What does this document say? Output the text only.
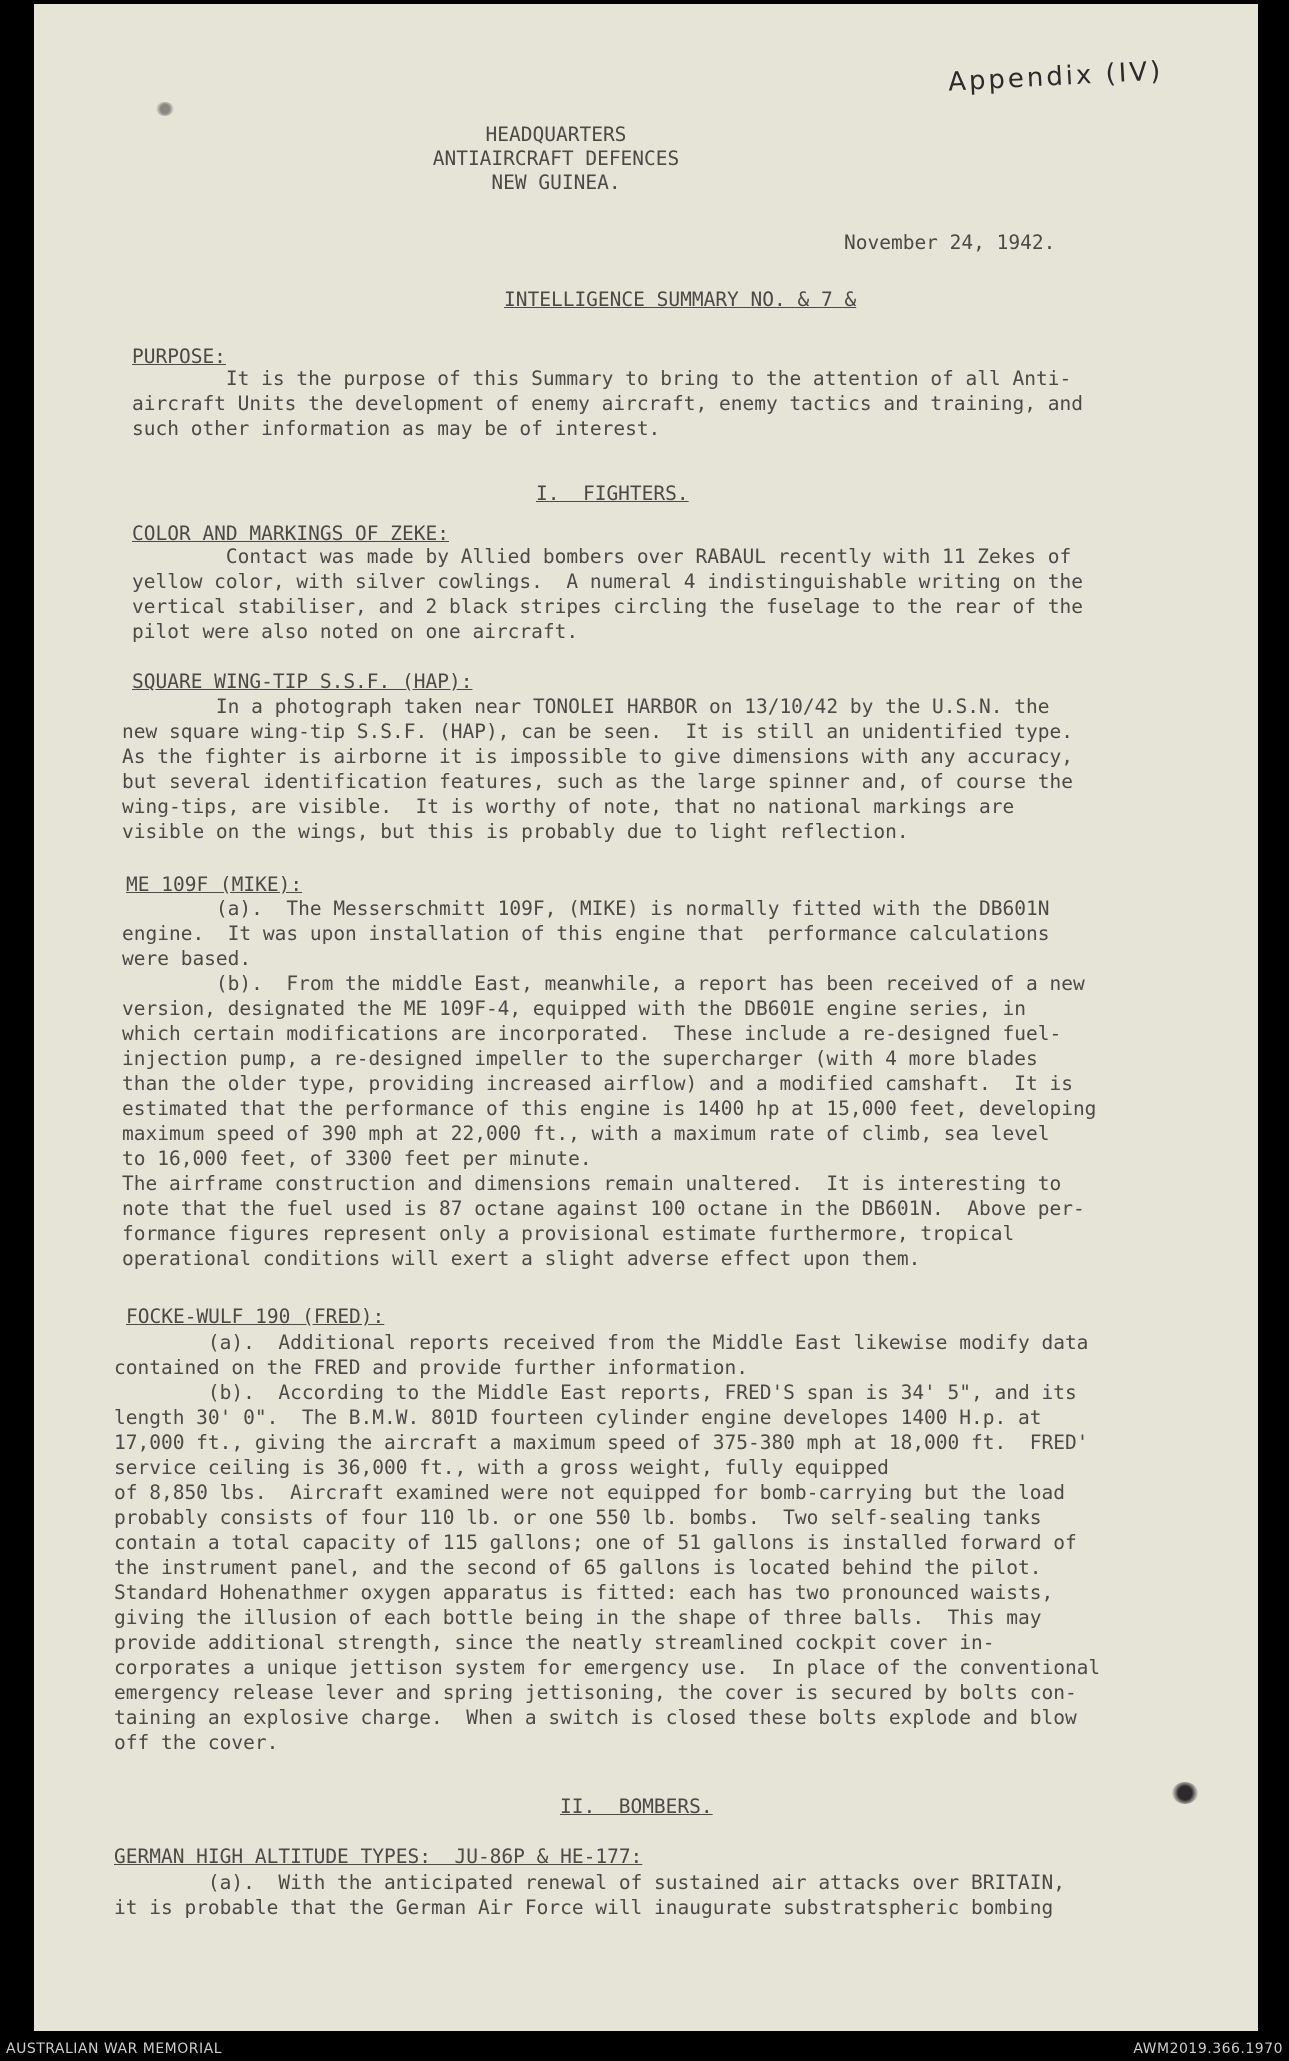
Appendix (IV)
HEADQUARTERS
ANTIAIRCRAFT DEFENCES
NEW GUINEA.
November 24, 1942.
INTELLIGENCE SUMMARY NO. & 7 &
PURPOSE:
It is the purpose of this Summary to bring to the attention of all Anti-
aircraft Units the development of enemy aircraft, enemy tactics and training, and
such other information as may be of interest.
I.  FIGHTERS.
COLOR AND MARKINGS OF ZEKE:
Contact was made by Allied bombers over RABAUL recently with 11 Zekes of
yellow color, with silver cowlings.  A numeral 4 indistinguishable writing on the
vertical stabiliser, and 2 black stripes circling the fuselage to the rear of the
pilot were also noted on one aircraft.
SQUARE WING-TIP S.S.F. (HAP):
In a photograph taken near TONOLEI HARBOR on 13/10/42 by the U.S.N. the
new square wing-tip S.S.F. (HAP), can be seen.  It is still an unidentified type.
As the fighter is airborne it is impossible to give dimensions with any accuracy,
but several identification features, such as the large spinner and, of course the
wing-tips, are visible.  It is worthy of note, that no national markings are
visible on the wings, but this is probably due to light reflection.
ME 109F (MIKE):
(a).  The Messerschmitt 109F, (MIKE) is normally fitted with the DB601N
engine.  It was upon installation of this engine that  performance calculations
were based.
(b).  From the middle East, meanwhile, a report has been received of a new
version, designated the ME 109F-4, equipped with the DB601E engine series, in
which certain modifications are incorporated.  These include a re-designed fuel-
injection pump, a re-designed impeller to the supercharger (with 4 more blades
than the older type, providing increased airflow) and a modified camshaft.  It is
estimated that the performance of this engine is 1400 hp at 15,000 feet, developing
maximum speed of 390 mph at 22,000 ft., with a maximum rate of climb, sea level
to 16,000 feet, of 3300 feet per minute.
The airframe construction and dimensions remain unaltered.  It is interesting to
note that the fuel used is 87 octane against 100 octane in the DB601N.  Above per-
formance figures represent only a provisional estimate furthermore, tropical
operational conditions will exert a slight adverse effect upon them.
FOCKE-WULF 190 (FRED):
(a).  Additional reports received from the Middle East likewise modify data
contained on the FRED and provide further information.
(b).  According to the Middle East reports, FRED'S span is 34' 5", and its
length 30' 0".  The B.M.W. 801D fourteen cylinder engine developes 1400 H.p. at
17,000 ft., giving the aircraft a maximum speed of 375-380 mph at 18,000 ft.  FRED'
service ceiling is 36,000 ft., with a gross weight, fully equipped
of 8,850 lbs.  Aircraft examined were not equipped for bomb-carrying but the load
probably consists of four 110 lb. or one 550 lb. bombs.  Two self-sealing tanks
contain a total capacity of 115 gallons; one of 51 gallons is installed forward of
the instrument panel, and the second of 65 gallons is located behind the pilot.
Standard Hohenathmer oxygen apparatus is fitted: each has two pronounced waists,
giving the illusion of each bottle being in the shape of three balls.  This may
provide additional strength, since the neatly streamlined cockpit cover in-
corporates a unique jettison system for emergency use.  In place of the conventional
emergency release lever and spring jettisoning, the cover is secured by bolts con-
taining an explosive charge.  When a switch is closed these bolts explode and blow
off the cover.
II.  BOMBERS.
GERMAN HIGH ALTITUDE TYPES:  JU-86P & HE-177:
(a).  With the anticipated renewal of sustained air attacks over BRITAIN,
it is probable that the German Air Force will inaugurate substratspheric bombing
AUSTRALIAN WAR MEMORIAL	AWM2019.366.1970
